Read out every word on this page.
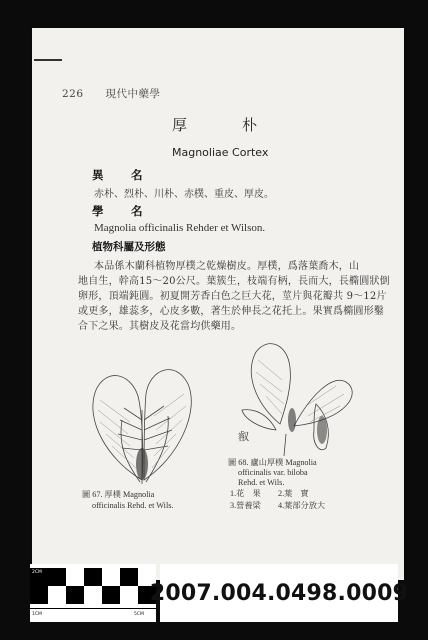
226　　現代中藥學
厚　朴
Magnoliae Cortex
異　名
赤朴、烈朴、川朴、赤樸、重皮、厚皮。
學　名
Magnolia officinalis Rehder et Wilson.
植物科屬及形態
本品係木蘭科植物厚樸之乾燥樹皮。厚樸，爲落葉喬木，山
地自生，幹高15～20公尺。葉簇生，枝端有柄，長而大，長橢圓狀倒
卵形，頂端鈍圓。初夏開芳香白色之巨大花，莖片與花瓣共 9～12片
或更多，雄蕊多，心皮多數，著生於伸長之花托上。果實爲橢圓形鑿
合下之果。其樹皮及花當均供藥用。
圖 67. 厚樸 Magnolia
officinalis Rehd. et Wils.
㕡
圖 68. 廬山厚樸 Magnolia
officinalis var. biloba
Rehd. et Wils.
1.花　果 2.葉　實
3.營養梁 4.葉部分放大
2CM
1CM	5CM
2007.004.0498.0009
